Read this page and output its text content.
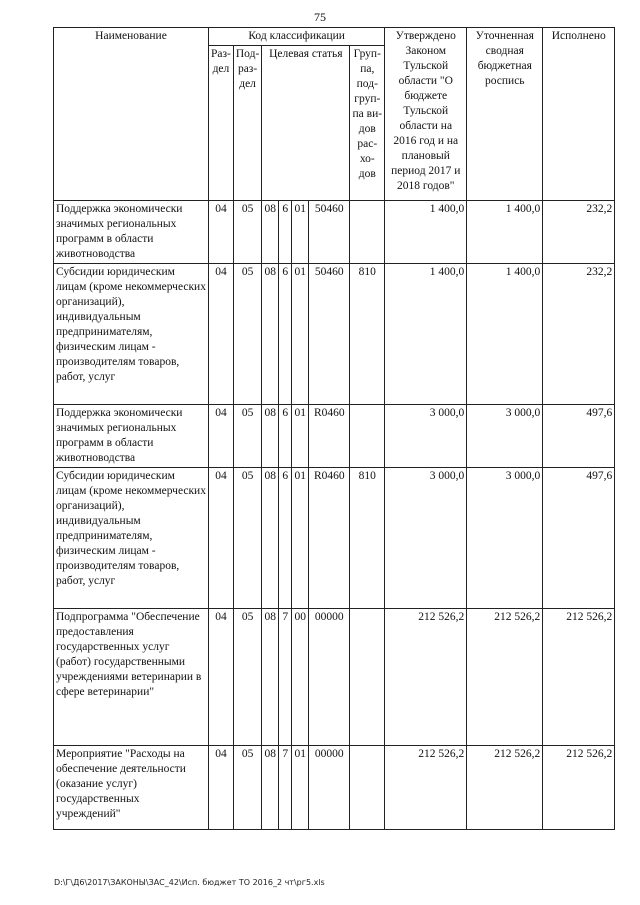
75
Наименование	Код классификации							Утверждено Законом Тульской области "О бюджете Тульской области на 2016 год и на плановый период 2017 и 2018 годов"	Уточненная сводная бюджетная роспись	Исполнено
	Раз-дел	Под-раз-дел	Целевая статья				Груп-па, под-груп-па ви-дов рас-хо-дов			
Поддержка экономически значимых региональных программ в области животноводства	04	05	08	6	01	50460		1 400,0	1 400,0	232,2
Субсидии юридическим лицам (кроме некоммерческих организаций), индивидуальным предпринимателям, физическим лицам - производителям товаров, работ, услуг	04	05	08	6	01	50460	810	1 400,0	1 400,0	232,2
Поддержка экономически значимых региональных программ в области животноводства	04	05	08	6	01	R0460		3 000,0	3 000,0	497,6
Субсидии юридическим лицам (кроме некоммерческих организаций), индивидуальным предпринимателям, физическим лицам - производителям товаров, работ, услуг	04	05	08	6	01	R0460	810	3 000,0	3 000,0	497,6
Подпрограмма "Обеспечение предоставления государственных услуг (работ) государственными учреждениями ветеринарии в сфере ветеринарии"	04	05	08	7	00	00000		212 526,2	212 526,2	212 526,2
Мероприятие "Расходы на обеспечение деятельности (оказание услуг) государственных учреждений"	04	05	08	7	01	00000		212 526,2	212 526,2	212 526,2
D:\Г\Д6\2017\ЗАКОНЫ\ЗАС_42\Исп. бюджет ТО 2016_2 чт\рг5.xls
